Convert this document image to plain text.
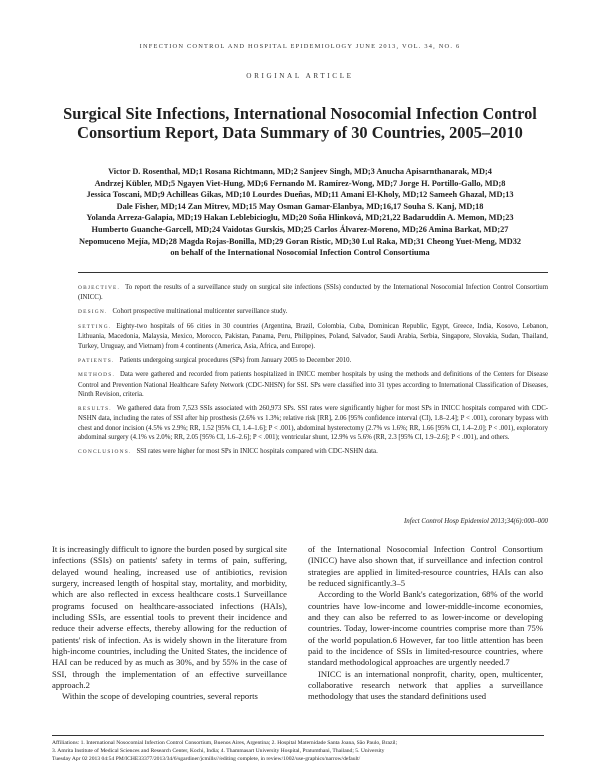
INFECTION CONTROL AND HOSPITAL EPIDEMIOLOGY JUNE 2013, VOL. 34, NO. 6
ORIGINAL ARTICLE
Surgical Site Infections, International Nosocomial Infection Control Consortium Report, Data Summary of 30 Countries, 2005–2010
Victor D. Rosenthal, MD;1 Rosana Richtmann, MD;2 Sanjeev Singh, MD;3 Anucha Apisarnthanarak, MD;4
Andrzej Kübler, MD;5 Ngayen Viet-Hung, MD;6 Fernando M. Ramírez-Wong, MD;7 Jorge H. Portillo-Gallo, MD;8
Jessica Toscani, MD;9 Achilleas Gikas, MD;10 Lourdes Dueñas, MD;11 Amani El-Kholy, MD;12 Sameeh Ghazal, MD;13
Dale Fisher, MD;14 Zan Mitrev, MD;15 May Osman Gamar-Elanbya, MD;16,17 Souha S. Kanj, MD;18
Yolanda Arreza-Galapia, MD;19 Hakan Leblebicioglu, MD;20 Soña Hlinková, MD;21,22 Badaruddin A. Memon, MD;23
Humberto Guanche-Garcell, MD;24 Vaidotas Gurskis, MD;25 Carlos Álvarez-Moreno, MD;26 Amina Barkat, MD;27
Nepomuceno Mejía, MD;28 Magda Rojas-Bonilla, MD;29 Goran Ristic, MD;30 Lul Raka, MD;31 Cheong Yuet-Meng, MD32
on behalf of the International Nosocomial Infection Control Consortiuma

OBJECTIVE. To report the results of a surveillance study on surgical site infections (SSIs) conducted by the International Nosocomial Infection Control Consortium (INICC).

DESIGN. Cohort prospective multinational multicenter surveillance study.

SETTING. Eighty-two hospitals of 66 cities in 30 countries (Argentina, Brazil, Colombia, Cuba, Dominican Republic, Egypt, Greece, India, Kosovo, Lebanon, Lithuania, Macedonia, Malaysia, Mexico, Morocco, Pakistan, Panama, Peru, Philippines, Poland, Salvador, Saudi Arabia, Serbia, Singapore, Slovakia, Sudan, Thailand, Turkey, Uruguay, and Vietnam) from 4 continents (America, Asia, Africa, and Europe).

PATIENTS. Patients undergoing surgical procedures (SPs) from January 2005 to December 2010.

METHODS. Data were gathered and recorded from patients hospitalized in INICC member hospitals by using the methods and definitions of the Centers for Disease Control and Prevention National Healthcare Safety Network (CDC-NHSN) for SSI. SPs were classified into 31 types according to International Classification of Diseases, Ninth Revision, criteria.

RESULTS. We gathered data from 7,523 SSIs associated with 260,973 SPs. SSI rates were significantly higher for most SPs in INICC hospitals compared with CDC-NSHN data, including the rates of SSI after hip prosthesis (2.6% vs 1.3%; relative risk [RR], 2.06 [95% confidence interval (CI), 1.8–2.4]; P < .001), coronary bypass with chest and donor incision (4.5% vs 2.9%; RR, 1.52 [95% CI, 1.4–1.6]; P < .001), abdominal hysterectomy (2.7% vs 1.6%; RR, 1.66 [95% CI, 1.4–2.0]; P < .001), exploratory abdominal surgery (4.1% vs 2.0%; RR, 2.05 [95% CI, 1.6–2.6]; P < .001); ventricular shunt, 12.9% vs 5.6% (RR, 2.3 [95% CI, 1.9–2.6]; P < .001), and others.

CONCLUSIONS. SSI rates were higher for most SPs in INICC hospitals compared with CDC-NSHN data.

Infect Control Hosp Epidemiol 2013;34(6):000–000

It is increasingly difficult to ignore the burden posed by surgical site infections (SSIs) on patients' safety in terms of pain, suffering, delayed wound healing, increased use of antibiotics, revision surgery, increased length of hospital stay, mortality, and morbidity, which are also reflected in excess healthcare costs.1 Surveillance programs focused on healthcare-associated infections (HAIs), including SSIs, are essential tools to prevent their incidence and reduce their adverse effects, thereby allowing for the reduction of patients' risk of infection. As is widely shown in the literature from high-income countries, including the United States, the incidence of HAI can be reduced by as much as 30%, and by 55% in the case of SSI, through the implementation of an effective surveillance approach.2

Within the scope of developing countries, several reports

of the International Nosocomial Infection Control Consortium (INICC) have also shown that, if surveillance and infection control strategies are applied in limited-resource countries, HAIs can also be reduced significantly.3–5

According to the World Bank's categorization, 68% of the world countries have low-income and lower-middle-income economies, and they can also be referred to as lower-income or developing countries. Today, lower-income countries comprise more than 75% of the world population.6 However, far too little attention has been paid to the incidence of SSIs in limited-resource countries, where standard methodological approaches are urgently needed.7

INICC is an international nonprofit, charity, open, multicenter, collaborative research network that applies a surveillance methodology that uses the standard definitions used

Affiliations: 1. International Nosocomial Infection Control Consortium, Buenos Aires, Argentina; 2. Hospital Maternidade Santa Joana, São Paulo, Brazil;
3. Amrita Institute of Medical Sciences and Research Center, Kochi, India; 4. Thammasart University Hospital, Pratumthani, Thailand; 5. University
Tuesday Apr 02 2013 04:54 PM/ICHE33377/2013/34/6/sgardiner/jcmills///editing complete, in review/1002/use-graphics/narrow/default/
